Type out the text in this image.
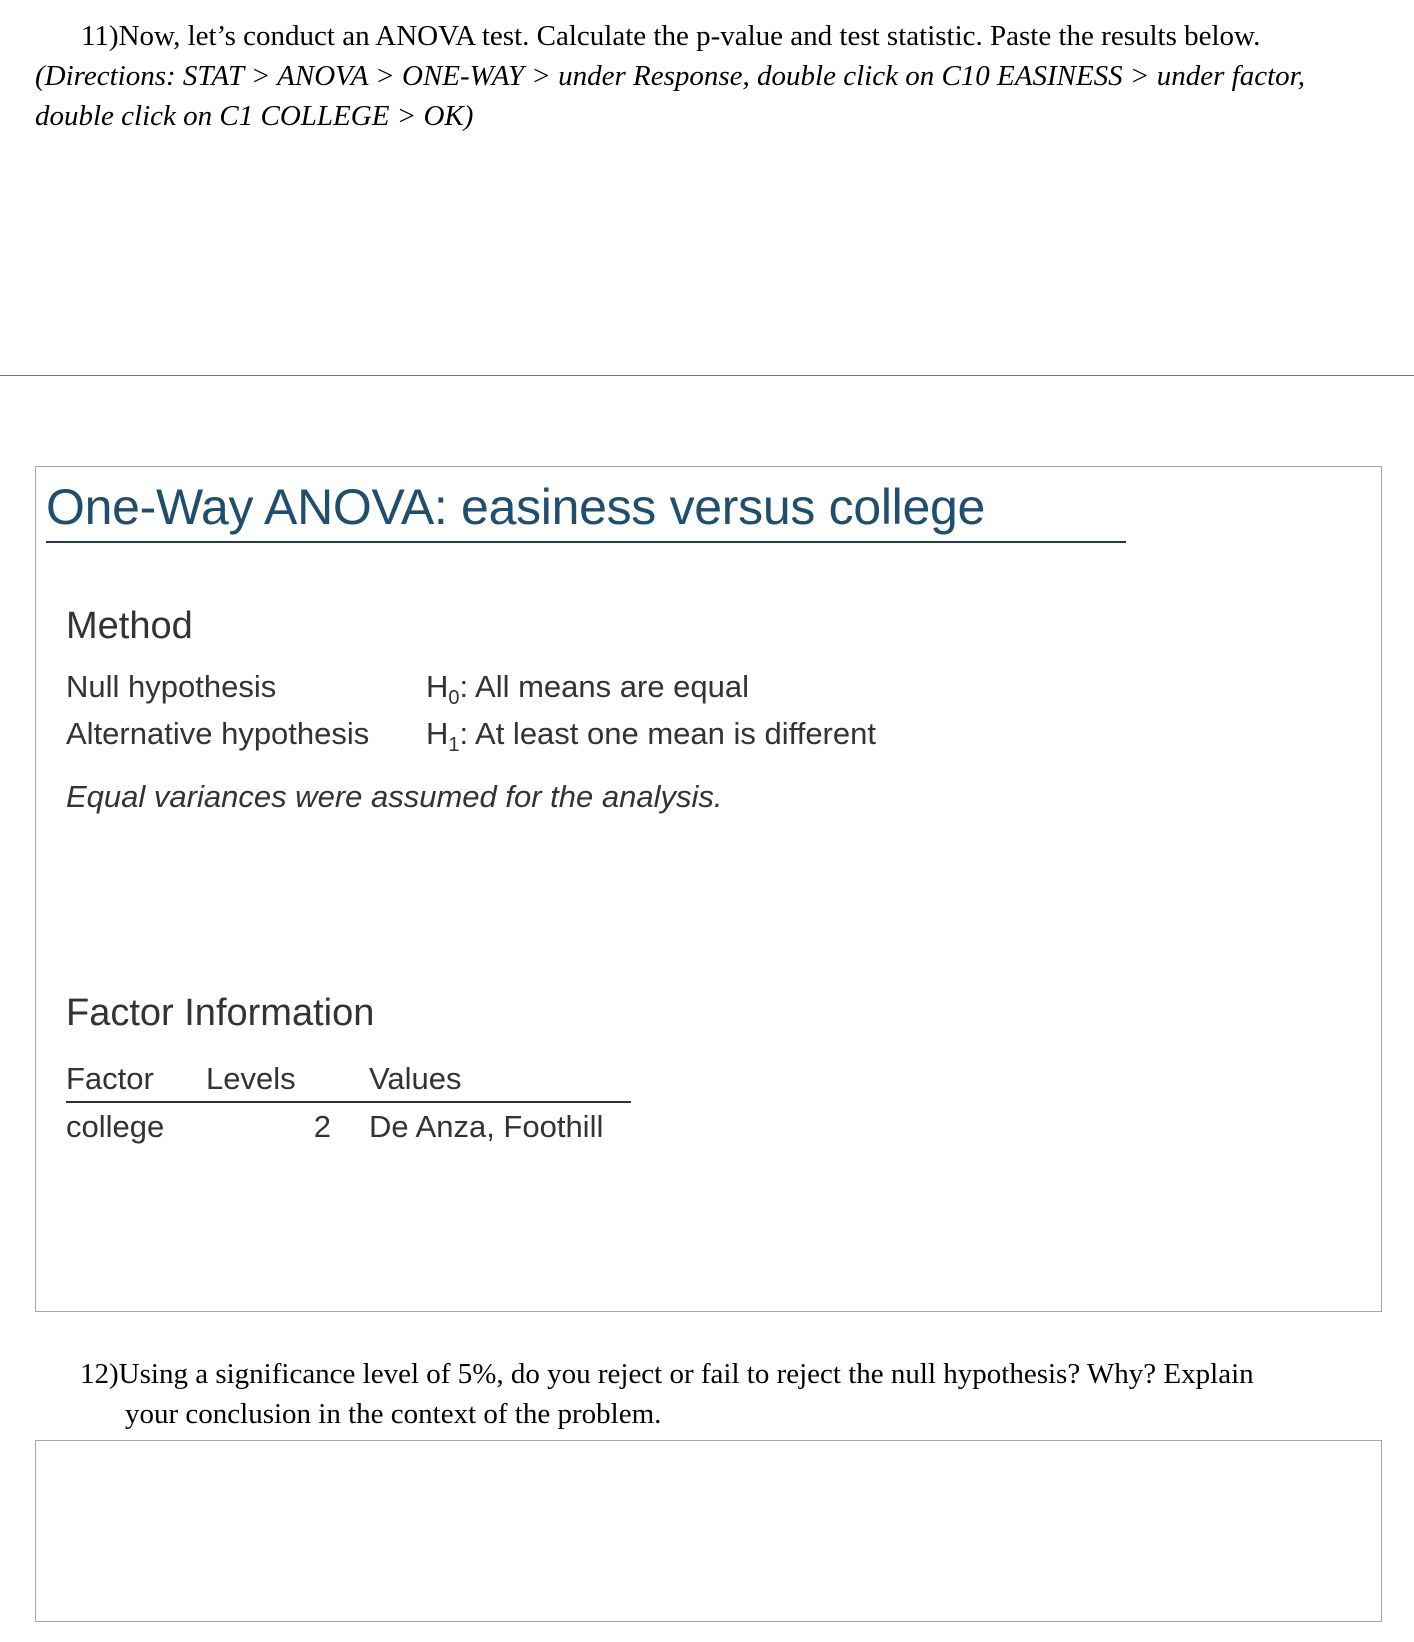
11)Now, let’s conduct an ANOVA test. Calculate the p-value and test statistic. Paste the results below.
(Directions: STAT > ANOVA > ONE-WAY > under Response, double click on C10 EASINESS > under factor,
double click on C1 COLLEGE > OK)
One-Way ANOVA: easiness versus college
Method
Null hypothesis	$H_0$: All means are equal
Alternative hypothesis $H_1$: At least one mean is different
Equal variances were assumed for the analysis.
Factor Information
Factor	Levels	Values
college	2	De Anza, Foothill
12)Using a significance level of 5%, do you reject or fail to reject the null hypothesis? Why? Explain
your conclusion in the context of the problem.
